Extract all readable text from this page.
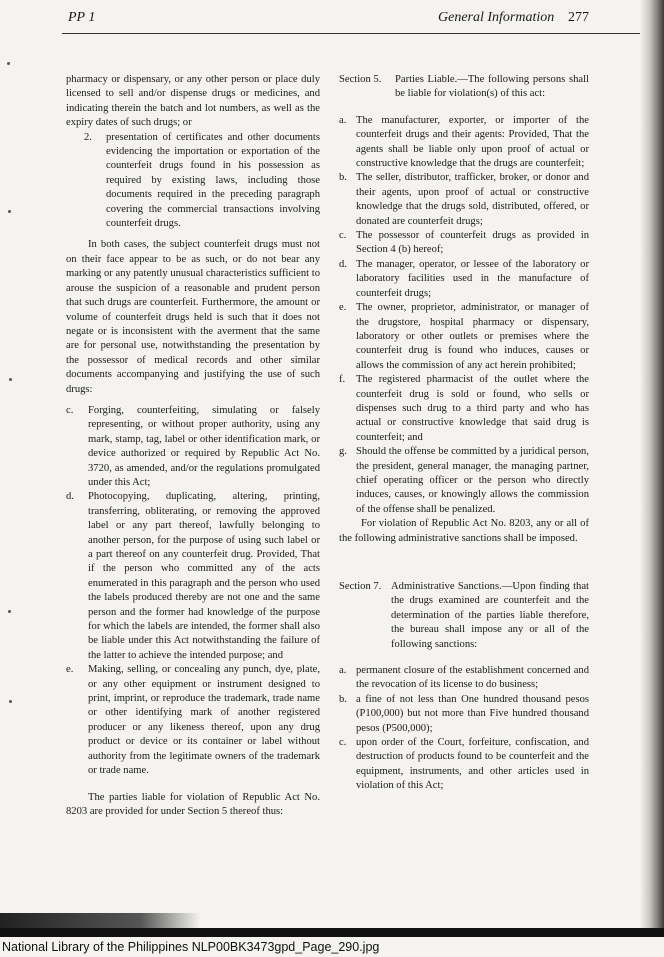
PP 1	General Information 277

pharmacy or dispensary, or any other person or place duly licensed to sell and/or dispense drugs or medicines, and indicating therein the batch and lot numbers, as well as the expiry dates of such drugs; or

2. presentation of certificates and other documents evidencing the importation or exportation of the counterfeit drugs found in his possession as required by existing laws, including those documents required in the preceding paragraph covering the commercial transactions involving counterfeit drugs.

In both cases, the subject counterfeit drugs must not on their face appear to be as such, or do not bear any marking or any patently unusual characteristics sufficient to arouse the suspicion of a reasonable and prudent person that such drugs are counterfeit. Furthermore, the amount or volume of counterfeit drugs held is such that it does not negate or is inconsistent with the averment that the same are for personal use, notwithstanding the presentation by the possessor of medical records and other similar documents accompanying and justifying the use of such drugs:

c. Forging, counterfeiting, simulating or falsely representing, or without proper authority, using any mark, stamp, tag, label or other identification mark, or device authorized or required by Republic Act No. 3720, as amended, and/or the regulations promulgated under this Act;

d. Photocopying, duplicating, altering, printing, transferring, obliterating, or removing the approved label or any part thereof, lawfully belonging to another person, for the purpose of using such label or a part thereof on any counterfeit drug. Provided, That if the person who committed any of the acts enumerated in this paragraph and the person who used the labels produced thereby are not one and the same person and the former had knowledge of the purpose for which the labels are intended, the former shall also be liable under this Act notwithstanding the failure of the latter to achieve the intended purpose; and

e. Making, selling, or concealing any punch, dye, plate, or any other equipment or instrument designed to print, imprint, or reproduce the trademark, trade name or other identifying mark of another registered producer or any likeness thereof, upon any drug product or device or its container or label without authority from the legitimate owners of the trademark or trade name.

The parties liable for violation of Republic Act No. 8203 are provided for under Section 5 thereof thus:

Section 5. Parties Liable.—The following persons shall be liable for violation(s) of this act:
a. The manufacturer, exporter, or importer of the counterfeit drugs and their agents: Provided, That the agents shall be liable only upon proof of actual or constructive knowledge that the drugs are counterfeit;

b. The seller, distributor, trafficker, broker, or donor and their agents, upon proof of actual or constructive knowledge that the drugs sold, distributed, offered, or donated are counterfeit drugs;

c. The possessor of counterfeit drugs as provided in Section 4 (b) hereof;

d. The manager, operator, or lessee of the laboratory or laboratory facilities used in the manufacture of counterfeit drugs;

e. The owner, proprietor, administrator, or manager of the drugstore, hospital pharmacy or dispensary, laboratory or other outlets or premises where the counterfeit drug is found who induces, causes or allows the commission of any act herein prohibited;

f. The registered pharmacist of the outlet where the counterfeit drug is sold or found, who sells or dispenses such drug to a third party and who has actual or constructive knowledge that said drug is counterfeit; and

g. Should the offense be committed by a juridical person, the president, general manager, the managing partner, chief operating officer or the person who directly induces, causes, or knowingly allows the commission of the offense shall be penalized.

For violation of Republic Act No. 8203, any or all of the following administrative sanctions shall be imposed.

Section 7. Administrative Sanctions.—Upon finding that the drugs examined are counterfeit and the determination of the parties liable therefore, the bureau shall impose any or all of the following sanctions:
a. permanent closure of the establishment concerned and the revocation of its license to do business;

b. a fine of not less than One hundred thousand pesos (P100,000) but not more than Five hundred thousand pesos (P500,000);

c. upon order of the Court, forfeiture, confiscation, and destruction of products found to be counterfeit and the equipment, instruments, and other articles used in violation of this Act;

National Library of the Philippines NLP00BK3473gpd_Page_290.jpg
